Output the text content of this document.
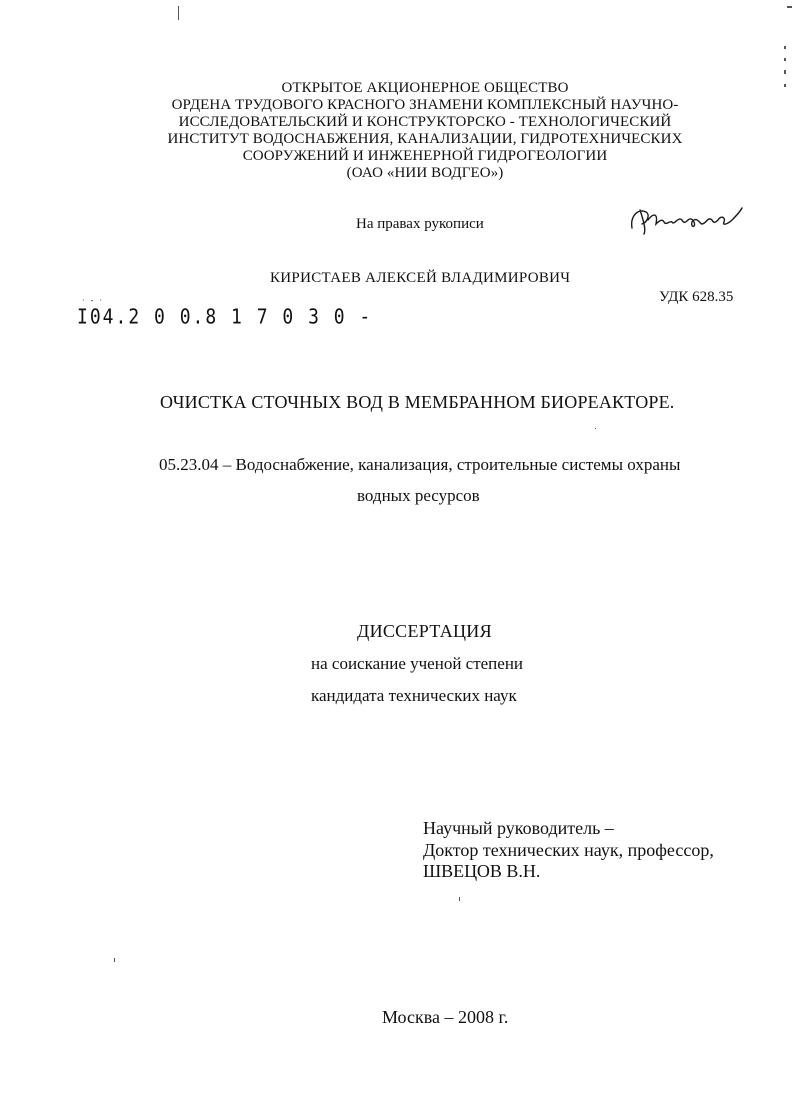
ОТКРЫТОЕ АКЦИОНЕРНОЕ ОБЩЕСТВО
ОРДЕНА ТРУДОВОГО КРАСНОГО ЗНАМЕНИ КОМПЛЕКСНЫЙ НАУЧНО-
ИССЛЕДОВАТЕЛЬСКИЙ И КОНСТРУКТОРСКО - ТЕХНОЛОГИЧЕСКИЙ
ИНСТИТУТ ВОДОСНАБЖЕНИЯ, КАНАЛИЗАЦИИ, ГИДРОТЕХНИЧЕСКИХ
СООРУЖЕНИЙ И ИНЖЕНЕРНОЙ ГИДРОГЕОЛОГИИ
(ОАО «НИИ ВОДГЕО»)
На правах рукописи
КИРИСТАЕВ АЛЕКСЕЙ ВЛАДИМИРОВИЧ
УДК 628.35
· - ·
I04.2 0 0.8 1 7 0 3 0 -
ОЧИСТКА СТОЧНЫХ ВОД В МЕМБРАННОМ БИОРЕАКТОРЕ.
05.23.04 – Водоснабжение, канализация, строительные системы охраны
водных ресурсов
ДИССЕРТАЦИЯ
на соискание ученой степени
кандидата технических наук
Научный руководитель –
Доктор технических наук, профессор,
ШВЕЦОВ В.Н.
Москва – 2008 г.
